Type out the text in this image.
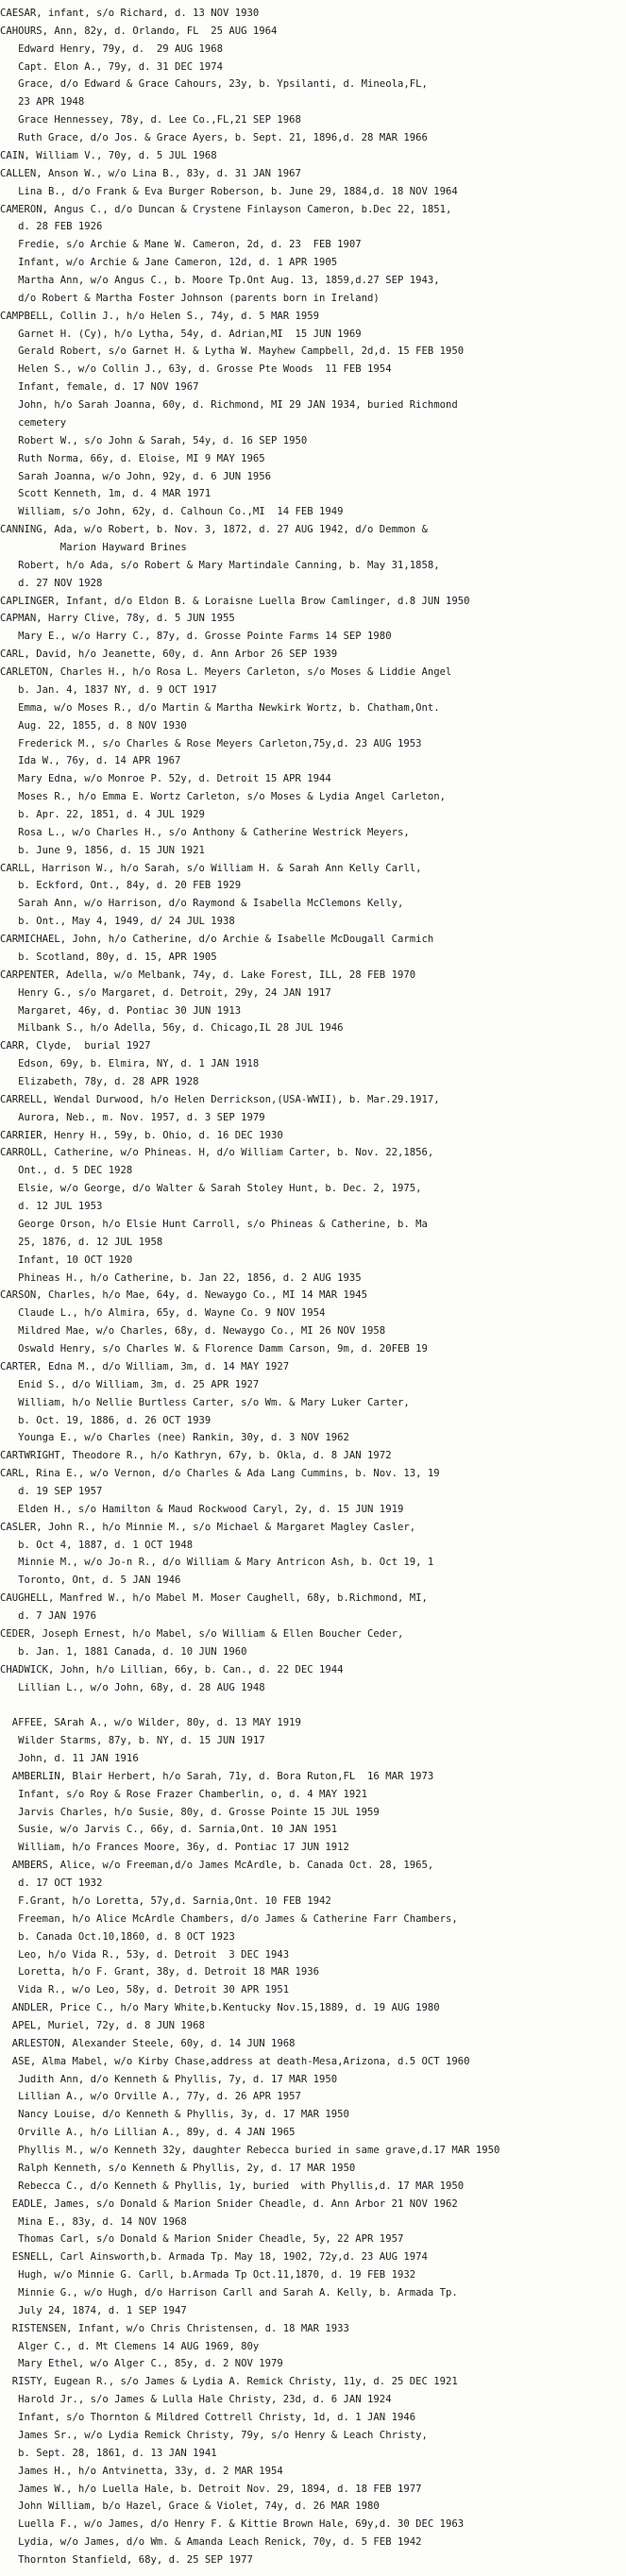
CAESAR, infant, s/o Richard, d. 13 NOV 1930
CAHOURS, Ann, 82y, d. Orlando, FL  25 AUG 1964
Edward Henry, 79y, d.  29 AUG 1968
Capt. Elon A., 79y, d. 31 DEC 1974
Grace, d/o Edward & Grace Cahours, 23y, b. Ypsilanti, d. Mineola,FL,
23 APR 1948
Grace Hennessey, 78y, d. Lee Co.,FL,21 SEP 1968
Ruth Grace, d/o Jos. & Grace Ayers, b. Sept. 21, 1896,d. 28 MAR 1966
CAIN, William V., 70y, d. 5 JUL 1968
CALLEN, Anson W., w/o Lina B., 83y, d. 31 JAN 1967
Lina B., d/o Frank & Eva Burger Roberson, b. June 29, 1884,d. 18 NOV 1964
CAMERON, Angus C., d/o Duncan & Crystene Finlayson Cameron, b.Dec 22, 1851,
d. 28 FEB 1926
Fredie, s/o Archie & Mane W. Cameron, 2d, d. 23  FEB 1907
Infant, w/o Archie & Jane Cameron, 12d, d. 1 APR 1905
Martha Ann, w/o Angus C., b. Moore Tp.Ont Aug. 13, 1859,d.27 SEP 1943,
d/o Robert & Martha Foster Johnson (parents born in Ireland)
CAMPBELL, Collin J., h/o Helen S., 74y, d. 5 MAR 1959
Garnet H. (Cy), h/o Lytha, 54y, d. Adrian,MI  15 JUN 1969
Gerald Robert, s/o Garnet H. & Lytha W. Mayhew Campbell, 2d,d. 15 FEB 1950
Helen S., w/o Collin J., 63y, d. Grosse Pte Woods  11 FEB 1954
Infant, female, d. 17 NOV 1967
John, h/o Sarah Joanna, 60y, d. Richmond, MI 29 JAN 1934, buried Richmond
cemetery
Robert W., s/o John & Sarah, 54y, d. 16 SEP 1950
Ruth Norma, 66y, d. Eloise, MI 9 MAY 1965
Sarah Joanna, w/o John, 92y, d. 6 JUN 1956
Scott Kenneth, 1m, d. 4 MAR 1971
William, s/o John, 62y, d. Calhoun Co.,MI  14 FEB 1949
CANNING, Ada, w/o Robert, b. Nov. 3, 1872, d. 27 AUG 1942, d/o Demmon &
Marion Hayward Brines
Robert, h/o Ada, s/o Robert & Mary Martindale Canning, b. May 31,1858,
d. 27 NOV 1928
CAPLINGER, Infant, d/o Eldon B. & Loraisne Luella Brow Camlinger, d.8 JUN 1950
CAPMAN, Harry Clive, 78y, d. 5 JUN 1955
Mary E., w/o Harry C., 87y, d. Grosse Pointe Farms 14 SEP 1980
CARL, David, h/o Jeanette, 60y, d. Ann Arbor 26 SEP 1939
CARLETON, Charles H., h/o Rosa L. Meyers Carleton, s/o Moses & Liddie Angel
b. Jan. 4, 1837 NY, d. 9 OCT 1917
Emma, w/o Moses R., d/o Martin & Martha Newkirk Wortz, b. Chatham,Ont.
Aug. 22, 1855, d. 8 NOV 1930
Frederick M., s/o Charles & Rose Meyers Carleton,75y,d. 23 AUG 1953
Ida W., 76y, d. 14 APR 1967
Mary Edna, w/o Monroe P. 52y, d. Detroit 15 APR 1944
Moses R., h/o Emma E. Wortz Carleton, s/o Moses & Lydia Angel Carleton,
b. Apr. 22, 1851, d. 4 JUL 1929
Rosa L., w/o Charles H., s/o Anthony & Catherine Westrick Meyers,
b. June 9, 1856, d. 15 JUN 1921
CARLL, Harrison W., h/o Sarah, s/o William H. & Sarah Ann Kelly Carll,
b. Eckford, Ont., 84y, d. 20 FEB 1929
Sarah Ann, w/o Harrison, d/o Raymond & Isabella McClemons Kelly,
b. Ont., May 4, 1949, d/ 24 JUL 1938
CARMICHAEL, John, h/o Catherine, d/o Archie & Isabelle McDougall Carmich
b. Scotland, 80y, d. 15, APR 1905
CARPENTER, Adella, w/o Melbank, 74y, d. Lake Forest, ILL, 28 FEB 1970
Henry G., s/o Margaret, d. Detroit, 29y, 24 JAN 1917
Margaret, 46y, d. Pontiac 30 JUN 1913
Milbank S., h/o Adella, 56y, d. Chicago,IL 28 JUL 1946
CARR, Clyde,  burial 1927
Edson, 69y, b. Elmira, NY, d. 1 JAN 1918
Elizabeth, 78y, d. 28 APR 1928
CARRELL, Wendal Durwood, h/o Helen Derrickson,(USA-WWII), b. Mar.29.1917,
Aurora, Neb., m. Nov. 1957, d. 3 SEP 1979
CARRIER, Henry H., 59y, b. Ohio, d. 16 DEC 1930
CARROLL, Catherine, w/o Phineas. H, d/o William Carter, b. Nov. 22,1856,
Ont., d. 5 DEC 1928
Elsie, w/o George, d/o Walter & Sarah Stoley Hunt, b. Dec. 2, 1975,
d. 12 JUL 1953
George Orson, h/o Elsie Hunt Carroll, s/o Phineas & Catherine, b. Ma
25, 1876, d. 12 JUL 1958
Infant, 10 OCT 1920
Phineas H., h/o Catherine, b. Jan 22, 1856, d. 2 AUG 1935
CARSON, Charles, h/o Mae, 64y, d. Newaygo Co., MI 14 MAR 1945
Claude L., h/o Almira, 65y, d. Wayne Co. 9 NOV 1954
Mildred Mae, w/o Charles, 68y, d. Newaygo Co., MI 26 NOV 1958
Oswald Henry, s/o Charles W. & Florence Damm Carson, 9m, d. 20FEB 19
CARTER, Edna M., d/o William, 3m, d. 14 MAY 1927
Enid S., d/o William, 3m, d. 25 APR 1927
William, h/o Nellie Burtless Carter, s/o Wm. & Mary Luker Carter,
b. Oct. 19, 1886, d. 26 OCT 1939
Younga E., w/o Charles (nee) Rankin, 30y, d. 3 NOV 1962
CARTWRIGHT, Theodore R., h/o Kathryn, 67y, b. Okla, d. 8 JAN 1972
CARL, Rina E., w/o Vernon, d/o Charles & Ada Lang Cummins, b. Nov. 13, 19
d. 19 SEP 1957
Elden H., s/o Hamilton & Maud Rockwood Caryl, 2y, d. 15 JUN 1919
CASLER, John R., h/o Minnie M., s/o Michael & Margaret Magley Casler,
b. Oct 4, 1887, d. 1 OCT 1948
Minnie M., w/o Jo-n R., d/o William & Mary Antricon Ash, b. Oct 19, 1
Toronto, Ont, d. 5 JAN 1946
CAUGHELL, Manfred W., h/o Mabel M. Moser Caughell, 68y, b.Richmond, MI,
d. 7 JAN 1976
CEDER, Joseph Ernest, h/o Mabel, s/o William & Ellen Boucher Ceder,
b. Jan. 1, 1881 Canada, d. 10 JUN 1960
CHADWICK, John, h/o Lillian, 66y, b. Can., d. 22 DEC 1944
Lillian L., w/o John, 68y, d. 28 AUG 1948
AFFEE, SArah A., w/o Wilder, 80y, d. 13 MAY 1919
Wilder Starms, 87y, b. NY, d. 15 JUN 1917
John, d. 11 JAN 1916
AMBERLIN, Blair Herbert, h/o Sarah, 71y, d. Bora Ruton,FL  16 MAR 1973
Infant, s/o Roy & Rose Frazer Chamberlin, o, d. 4 MAY 1921
Jarvis Charles, h/o Susie, 80y, d. Grosse Pointe 15 JUL 1959
Susie, w/o Jarvis C., 66y, d. Sarnia,Ont. 10 JAN 1951
William, h/o Frances Moore, 36y, d. Pontiac 17 JUN 1912
AMBERS, Alice, w/o Freeman,d/o James McArdle, b. Canada Oct. 28, 1965,
d. 17 OCT 1932
F.Grant, h/o Loretta, 57y,d. Sarnia,Ont. 10 FEB 1942
Freeman, h/o Alice McArdle Chambers, d/o James & Catherine Farr Chambers,
b. Canada Oct.10,1860, d. 8 OCT 1923
Leo, h/o Vida R., 53y, d. Detroit  3 DEC 1943
Loretta, h/o F. Grant, 38y, d. Detroit 18 MAR 1936
Vida R., w/o Leo, 58y, d. Detroit 30 APR 1951
ANDLER, Price C., h/o Mary White,b.Kentucky Nov.15,1889, d. 19 AUG 1980
APEL, Muriel, 72y, d. 8 JUN 1968
ARLESTON, Alexander Steele, 60y, d. 14 JUN 1968
ASE, Alma Mabel, w/o Kirby Chase,address at death-Mesa,Arizona, d.5 OCT 1960
Judith Ann, d/o Kenneth & Phyllis, 7y, d. 17 MAR 1950
Lillian A., w/o Orville A., 77y, d. 26 APR 1957
Nancy Louise, d/o Kenneth & Phyllis, 3y, d. 17 MAR 1950
Orville A., h/o Lillian A., 89y, d. 4 JAN 1965
Phyllis M., w/o Kenneth 32y, daughter Rebecca buried in same grave,d.17 MAR 1950
Ralph Kenneth, s/o Kenneth & Phyllis, 2y, d. 17 MAR 1950
Rebecca C., d/o Kenneth & Phyllis, 1y, buried  with Phyllis,d. 17 MAR 1950
EADLE, James, s/o Donald & Marion Snider Cheadle, d. Ann Arbor 21 NOV 1962
Mina E., 83y, d. 14 NOV 1968
Thomas Carl, s/o Donald & Marion Snider Cheadle, 5y, 22 APR 1957
ESNELL, Carl Ainsworth,b. Armada Tp. May 18, 1902, 72y,d. 23 AUG 1974
Hugh, w/o Minnie G. Carll, b.Armada Tp Oct.11,1870, d. 19 FEB 1932
Minnie G., w/o Hugh, d/o Harrison Carll and Sarah A. Kelly, b. Armada Tp.
July 24, 1874, d. 1 SEP 1947
RISTENSEN, Infant, w/o Chris Christensen, d. 18 MAR 1933
Alger C., d. Mt Clemens 14 AUG 1969, 80y
Mary Ethel, w/o Alger C., 85y, d. 2 NOV 1979
RISTY, Eugean R., s/o James & Lydia A. Remick Christy, 11y, d. 25 DEC 1921
Harold Jr., s/o James & Lulla Hale Christy, 23d, d. 6 JAN 1924
Infant, s/o Thornton & Mildred Cottrell Christy, 1d, d. 1 JAN 1946
James Sr., w/o Lydia Remick Christy, 79y, s/o Henry & Leach Christy,
b. Sept. 28, 1861, d. 13 JAN 1941
James H., h/o Antvinetta, 33y, d. 2 MAR 1954
James W., h/o Luella Hale, b. Detroit Nov. 29, 1894, d. 18 FEB 1977
John William, b/o Hazel, Grace & Violet, 74y, d. 26 MAR 1980
Luella F., w/o James, d/o Henry F. & Kittie Brown Hale, 69y,d. 30 DEC 1963
Lydia, w/o James, d/o Wm. & Amanda Leach Renick, 70y, d. 5 FEB 1942
Thornton Stanfield, 68y, d. 25 SEP 1977
